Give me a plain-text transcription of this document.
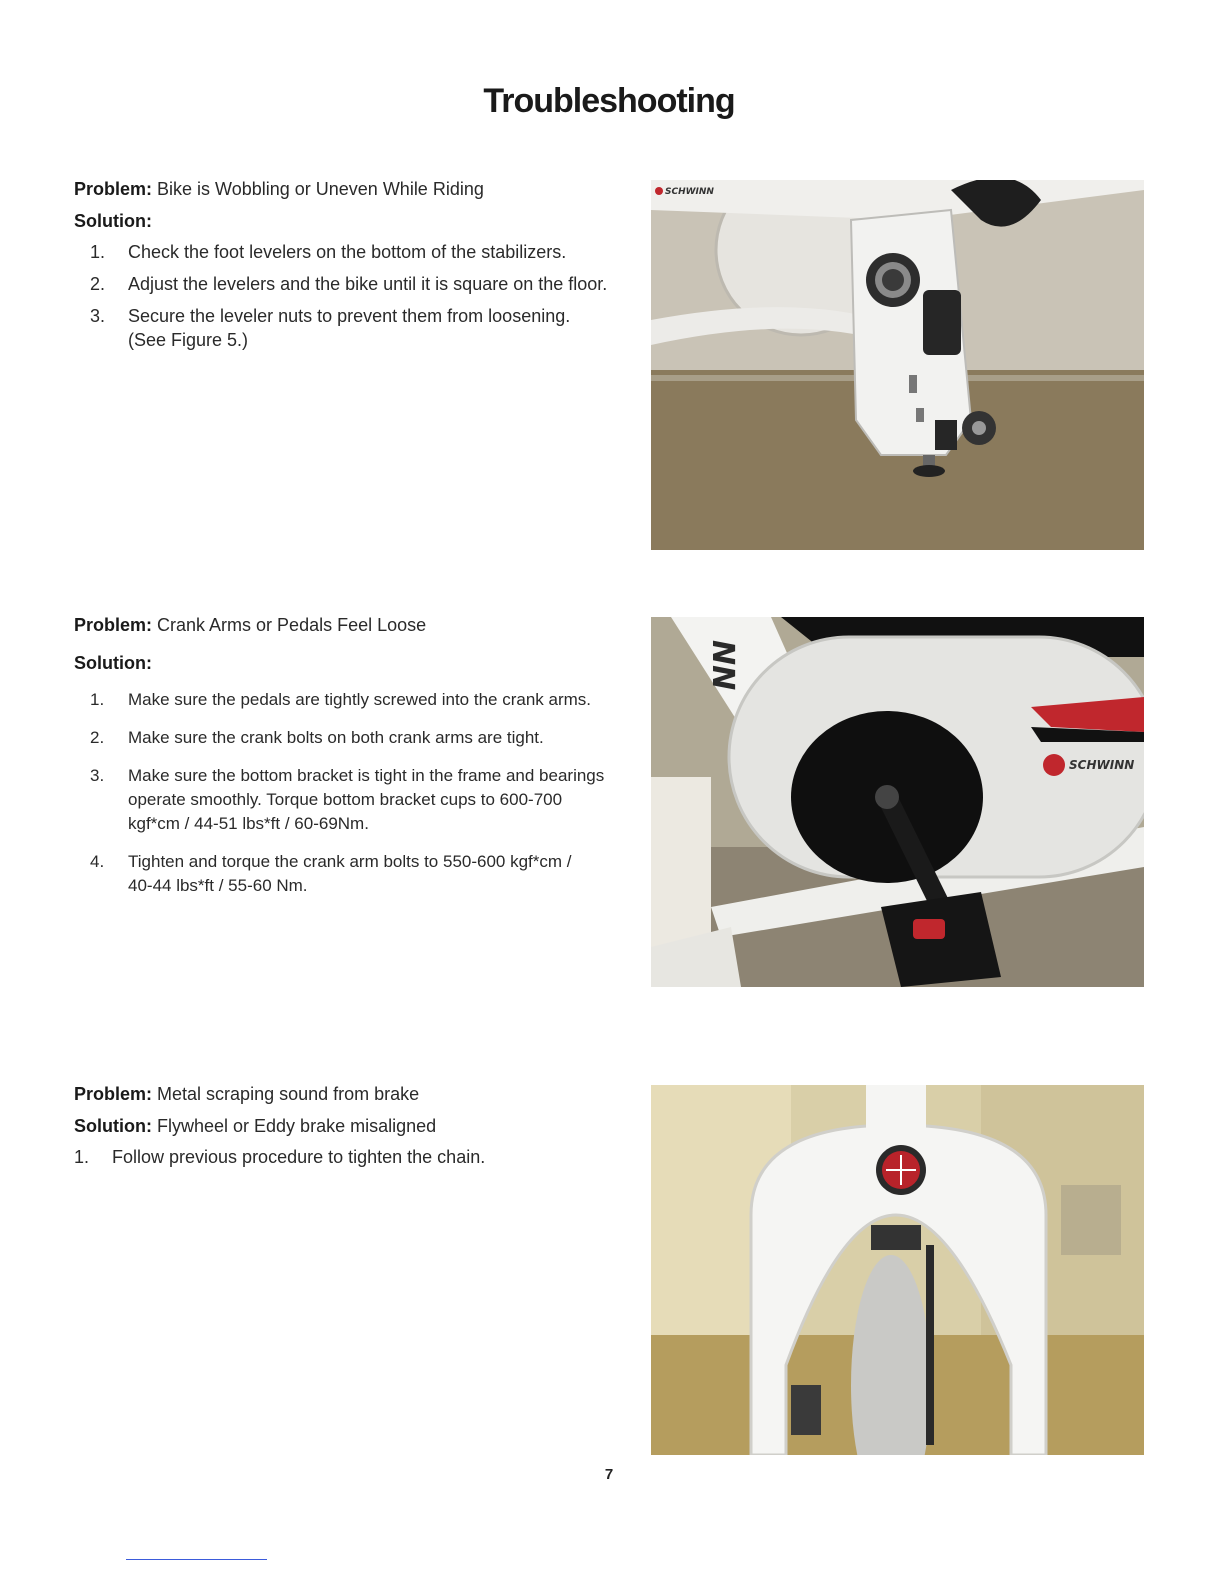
Troubleshooting

Problem: Bike is Wobbling or Uneven While Riding

Solution:

1.	Check the foot levelers on the bottom of the stabilizers.
2.	Adjust the levelers and the bike until it is square on the floor.
3.	Secure the leveler nuts to prevent them from loosening. (See Figure 5.)

Problem: Crank Arms or Pedals Feel Loose

Solution:

1.	Make sure the pedals are tightly screwed into the crank arms.
2.	Make sure the crank bolts on both crank arms are tight.
3.	Make sure the bottom bracket is tight in the frame and bearings operate smoothly. Torque bottom bracket cups to 600-700 kgf*cm / 44-51 lbs*ft / 60-69Nm.
4.	Tighten and torque the crank arm bolts to 550-600 kgf*cm / 40-44 lbs*ft / 55-60 Nm.

Problem: Metal scraping sound from brake

Solution: Flywheel or Eddy brake misaligned

1.	Follow previous procedure to tighten the chain.
SCHWINN
SCHWINN
NN
7
